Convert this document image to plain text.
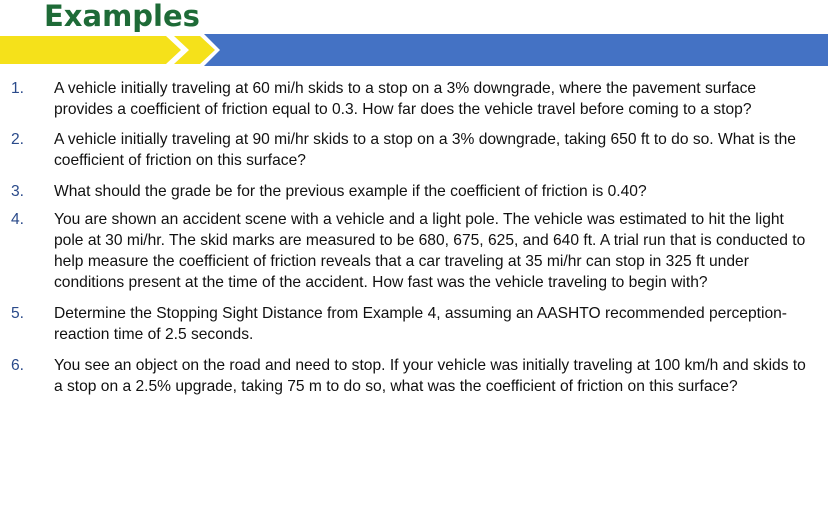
Examples
1.	A vehicle initially traveling at 60 mi/h skids to a stop on a 3% downgrade, where the pavement surface provides a coefficient of friction equal to 0.3. How far does the vehicle travel before coming to a stop?
2.	A vehicle initially traveling at 90 mi/hr skids to a stop on a 3% downgrade, taking 650 ft to do so. What is the coefficient of friction on this surface?
3.	What should the grade be for the previous example if the coefficient of friction is 0.40?
4.	You are shown an accident scene with a vehicle and a light pole. The vehicle was estimated to hit the light pole at 30 mi/hr. The skid marks are measured to be 680, 675, 625, and 640 ft. A trial run that is conducted to help measure the coefficient of friction reveals that a car traveling at 35 mi/hr can stop in 325 ft under conditions present at the time of the accident. How fast was the vehicle traveling to begin with?
5.	Determine the Stopping Sight Distance from Example 4, assuming an AASHTO recommended perception-reaction time of 2.5 seconds.
6.	You see an object on the road and need to stop. If your vehicle was initially traveling at 100 km/h and skids to a stop on a 2.5% upgrade, taking 75 m to do so, what was the coefficient of friction on this surface?
